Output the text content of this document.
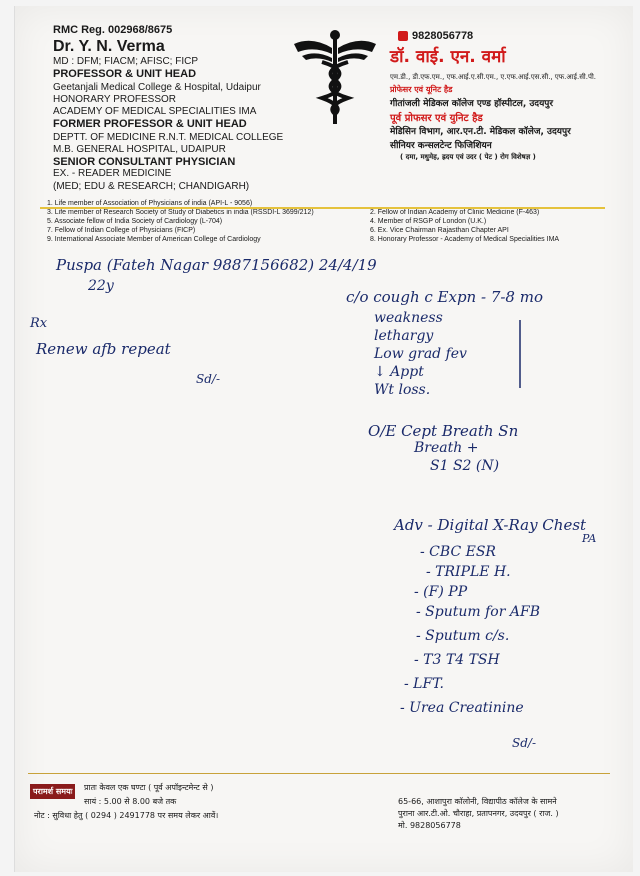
RMC Reg. 002968/8675
Dr. Y. N. Verma
MD : DFM; FIACM; AFISC; FICP
PROFESSOR & UNIT HEAD
Geetanjali Medical College & Hospital, Udaipur
HONORARY PROFESSOR
ACADEMY OF MEDICAL SPECIALITIES IMA
FORMER PROFESSOR & UNIT HEAD
DEPTT. OF MEDICINE R.N.T. MEDICAL COLLEGE
M.B. GENERAL HOSPITAL, UDAIPUR
SENIOR CONSULTANT PHYSICIAN
EX. - READER MEDICINE
(MED; EDU & RESEARCH; CHANDIGARH)
9828056778
डॉ. वाई. एन. वर्मा
एम.डी., डी.एफ.एम., एफ.आई.ए.सी.एम., ए.एफ.आई.एस.सी., एफ.आई.सी.पी.
प्रोफेसर एवं यूनिट हैड
गीतांजली मेडिकल कॉलेज एण्ड हॉस्पीटल, उदयपुर
पूर्व प्रोफसर एवं युनिट हैड
मेडिसिन विभाग, आर.एन.टी. मेडिकल कॉलेज, उदयपुर
सीनियर कन्सलटेन्ट फिजिशियन
( दमा, मधुमेह, ह्रदय एवं उदर ( पेट ) रोग विशेषज्ञ )
1. Life member of Association of Physicians of india (API-L - 9056)
3. Life member of Research Society of Study of Diabetics in india (RSSDI-L 3699/212)
5. Associate fellow of India Society of Cardiology (L-704)
7. Fellow of Indian College of Physicians (FICP)
9. International Associate Member of American College of Cardiology
2. Fellow of Indian Academy of Clinic Medicine (F-463)
4. Member of RSGP of London (U.K.)
6. Ex. Vice Chairman Rajasthan Chapter API
8. Honorary Professor - Academy of Medical Specialities IMA
Puspa (Fateh Nagar 9887156682) 24/4/19
22y
c/o cough c Expn - 7-8 mo
weakness
lethargy
Low grad fev
↓ Appt
Wt loss.
Rx
Renew afb repeat
Sd/-
O/E Cept Breath Sn
Breath +
S1 S2 (N)
Adv - Digital X-Ray Chest
PA
- CBC ESR
- TRIPLE H.
- (F) PP
- Sputum for AFB
- Sputum c/s.
- T3 T4 TSH
- LFT.
- Urea Creatinine
Sd/-
परामर्श समयः	प्रातः केवल एक घण्टा ( पूर्व अपॉइन्टमेन्ट से )
सायं : 5.00 से 8.00 बजे तक
नोट : सुविधा हेतु ( 0294 ) 2491778 पर समय लेकर आवें।
65-66, आशापुरा कॉलोनी, विद्यापीठ कॉलेज के सामने
पुराना आर.टी.ओ. चौराहा, प्रतापनगर, उदयपुर ( राज. )
मो. 9828056778
